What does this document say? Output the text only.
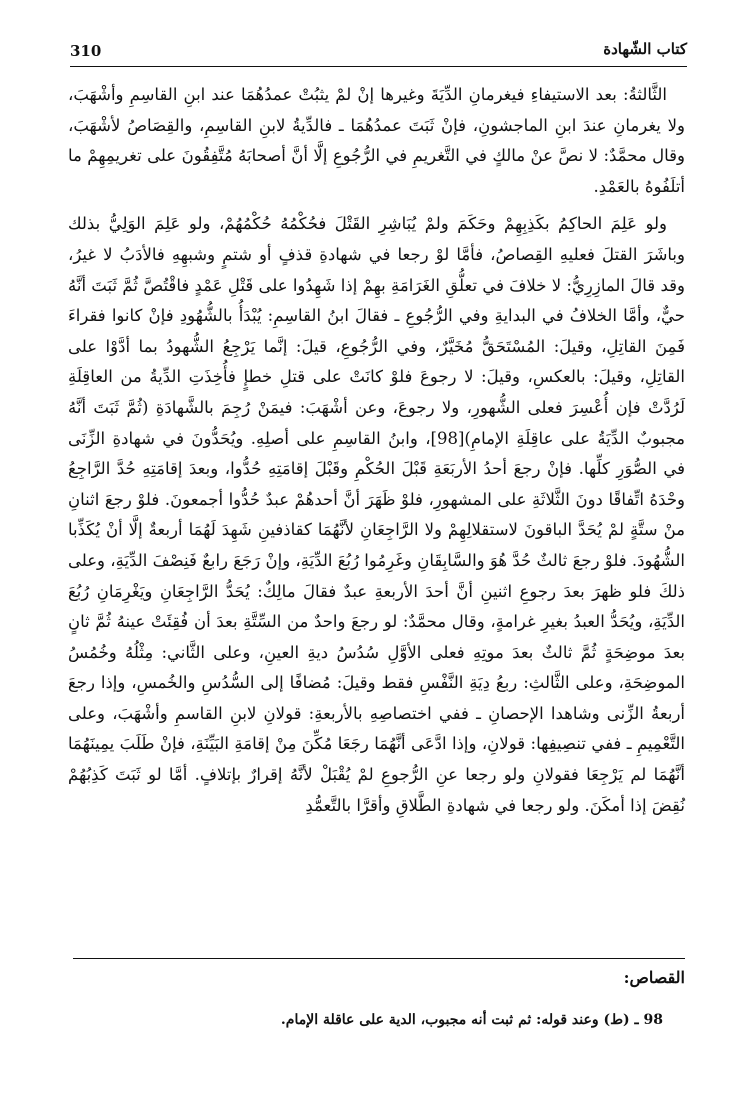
310	كتاب الشّهادة

الثَّالثةُ: بعد الاستيفاءِ فيغرمانِ الدِّيَةَ وغيرها إنْ لمْ يثبُتْ عمدُهُمَا عند ابنِ القاسِمِ وأشْهَبَ، ولا يغرمانِ عندَ ابنِ الماجشونِ، فإنْ ثَبَتَ عمدُهُمَا ـ فالدِّيةُ لابنِ القاسِمِ، والقِصَاصُ لأشْهَبَ، وقال محمَّدٌ: لا نصَّ عنْ مالكٍ في التَّغريمِ في الرُّجُوعِ إلَّا أنَّ أصحابَهُ مُتَّفِقُونَ على تغريمِهِمْ ما أتلَفُوهُ بالعَمْدِ.

ولو عَلِمَ الحاكِمُ بكَذِبِهِمْ وحَكَمَ ولمْ يُبَاشِرِ القَتْلَ فحُكْمُهُ حُكْمُهُمْ، ولو عَلِمَ الوَلِيُّ بذلك وباشَرَ القتلَ فعليهِ القِصاصُ، فأمَّا لوْ رجعا في شهادةِ قذفٍ أو شتمٍ وشبهِهِ فالأدَبُ لا غيرُ، وقد قالَ المازِرِيُّ: لا خلافَ في تعلُّقِ الغَرَامَةِ بهِمْ إذا شَهِدُوا على قَتْلِ عَمْدٍ فاقْتُصَّ ثُمَّ ثَبَتَ أنَّهُ حيٌّ، وأمَّا الخلافُ في البدايةِ وفي الرُّجُوعِ ـ فقالَ ابنُ القاسِمِ: يُبْدَأُ بالشُّهُودِ فإنْ كانوا فقراءَ فَمِنَ القاتِلِ، وقيلَ: المُسْتَحَقُّ مُخَيَّرٌ، وفي الرُّجُوعِ، قيلَ: إنَّما يَرْجِعُ الشُّهودُ بما أدَّوْا على القاتِلِ، وقيلَ: بالعكسِ، وقيلَ: لا رجوعَ فلوْ كانَتْ على قتلِ خطإٍ فأُخِذَتِ الدِّيةُ من العاقِلَةِ لَرُدَّتْ فإن أُعْسِرَ فعلى الشُّهورِ، ولا رجوعَ، وعن أشْهَبَ: فيمَنْ رُجِمَ بالشَّهادَةِ (ثُمَّ ثَبَتَ أنَّهُ مجبوبٌ الدِّيَةُ على عاقِلَةِ الإمامِ)[98]، وابنُ القاسِمِ على أصلِهِ. ويُحَدُّونَ في شهادةِ الزِّنَى في الصُّوَرِ كلِّها. فإنْ رجعَ أحدُ الأربَعَةِ قَبْلَ الحُكْمِ وقَبْلَ إقامَتِهِ حُدُّوا، وبعدَ إقامَتِهِ حُدَّ الرَّاجِعُ وحْدَهُ اتِّفاقًا دونَ الثَّلاثَةِ على المشهورِ، فلوْ ظَهَرَ أنَّ أحدهُمْ عبدٌ حُدُّوا أجمعونَ. فلوْ رجعَ اثنانِ منْ ستَّةٍ لمْ يُحَدَّ الباقونَ لاستقلالِهِمْ ولا الرَّاجِعَانِ لأنَّهُمَا كقاذفينِ شَهِدَ لَهُمَا أربعةٌ إلَّا أنْ يُكَذِّبا الشُّهُودَ. فلوْ رجعَ ثالثٌ حُدَّ هُوَ والسَّابِقَانِ وغَرِمُوا رُبُعَ الدِّيَةِ، وإنْ رَجَعَ رابعٌ فَنِصْفَ الدِّيَةِ، وعلى ذلكَ فلو ظهرَ بعدَ رجوعِ اثنينِ أنَّ أحدَ الأربعةِ عبدٌ فقالَ مالِكٌ: يُحَدُّ الرَّاجِعَانِ ويَغْرِمَانِ رُبُعَ الدِّيَةِ، ويُحَدُّ العبدُ بغيرِ غرامةٍ، وقال محمَّدٌ: لو رجعَ واحدٌ من السِّتَّةِ بعدَ أن فُقِئَتْ عينهُ ثُمَّ ثانٍ بعدَ موضِحَةٍ ثُمَّ ثالثٌ بعدَ موتِهِ فعلى الأوَّلِ سُدُسُ ديةِ العينِ، وعلى الثَّاني: مِثْلُهُ وخُمُسُ الموضِحَةِ، وعلى الثَّالثِ: ربعُ دِيَةِ النَّفْسِ فقط وقيلَ: مُضافًا إلى السُّدُسِ والخُمسِ، وإذا رجعَ أربعةُ الزِّنى وشاهدا الإحصانِ ـ ففي اختصاصِهِ بالأربعةِ: قولانِ لابنِ القاسمِ وأشْهَبَ، وعلى التَّعْمِيمِ ـ ففي تنصِيفِها: قولانِ، وإذا ادَّعَى أنَّهُمَا رجَعَا مُكِّنَ مِنْ إقامَةِ البَيِّنَةِ، فإنْ طَلَبَ يمِينَهُمَا أنَّهُمَا لم يَرْجِعَا فقولانِ ولو رجعا عنِ الرُّجوعِ لمْ يُقْبَلْ لأنَّهُ إقرارٌ بإتلافٍ. أمَّا لو ثَبَتَ كَذِبُهُمْ نُقِضَ إذا أمكَنَ. ولو رجعا في شهادةِ الطَّلاقِ وأقرَّا بالتَّعمُّدِ

القصاص:
98 ـ (ط) وعند قوله: ثم ثبت أنه مجبوب، الدية على عاقلة الإمام.
